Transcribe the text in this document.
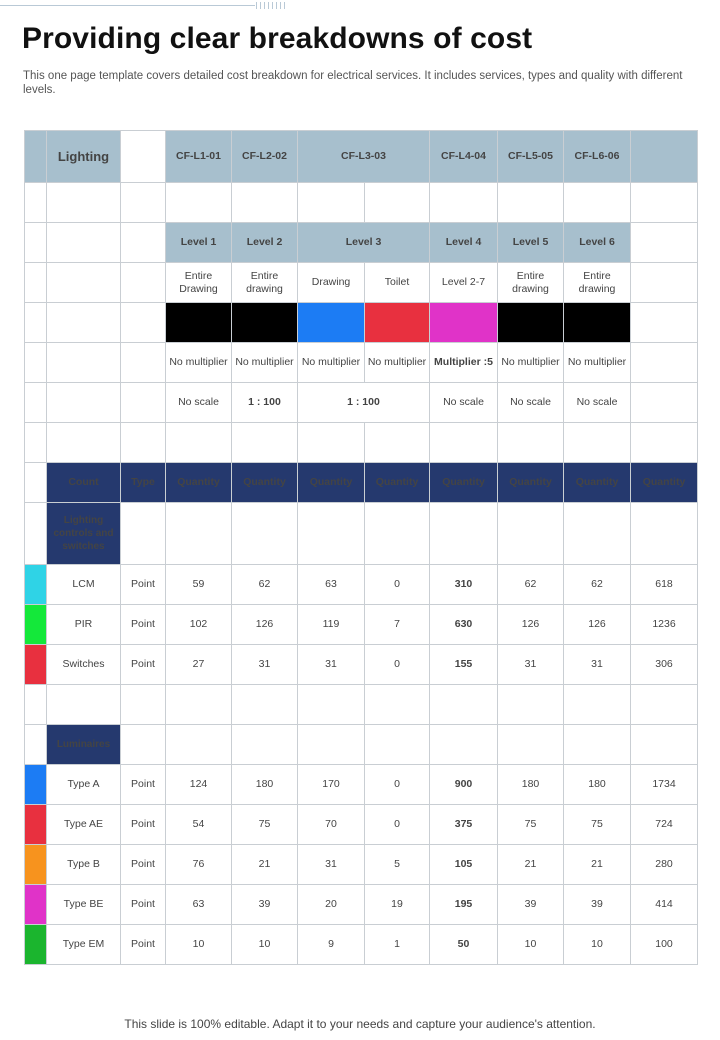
Providing clear breakdowns of cost

This one page template covers detailed cost breakdown for electrical services. It includes services, types and quality with different levels.

	Lighting		CF-L1-01	CF-L2-02	CF-L3-03		CF-L4-04	CF-L5-05	CF-L6-06	

			Level 1	Level 2	Level 3		Level 4	Level 5	Level 6	
			Entire Drawing	Entire drawing	Drawing	Toilet	Level 2-7	Entire drawing	Entire drawing	

			No multiplier	No multiplier	No multiplier	No multiplier	Multiplier :5	No multiplier	No multiplier	
			No scale	1 : 100	1 : 100		No scale	No scale	No scale	

	Count	Type	Quantity	Quantity	Quantity	Quantity	Quantity	Quantity	Quantity	Quantity
	Lighting controls and switches									
	LCM	Point	59	62	63	0	310	62	62	618
	PIR	Point	102	126	119	7	630	126	126	1236
	Switches	Point	27	31	31	0	155	31	31	306

	Luminaires									
	Type A	Point	124	180	170	0	900	180	180	1734
	Type AE	Point	54	75	70	0	375	75	75	724
	Type B	Point	76	21	31	5	105	21	21	280
	Type BE	Point	63	39	20	19	195	39	39	414
	Type EM	Point	10	10	9	1	50	10	10	100

This slide is 100% editable. Adapt it to your needs and capture your audience's attention.
